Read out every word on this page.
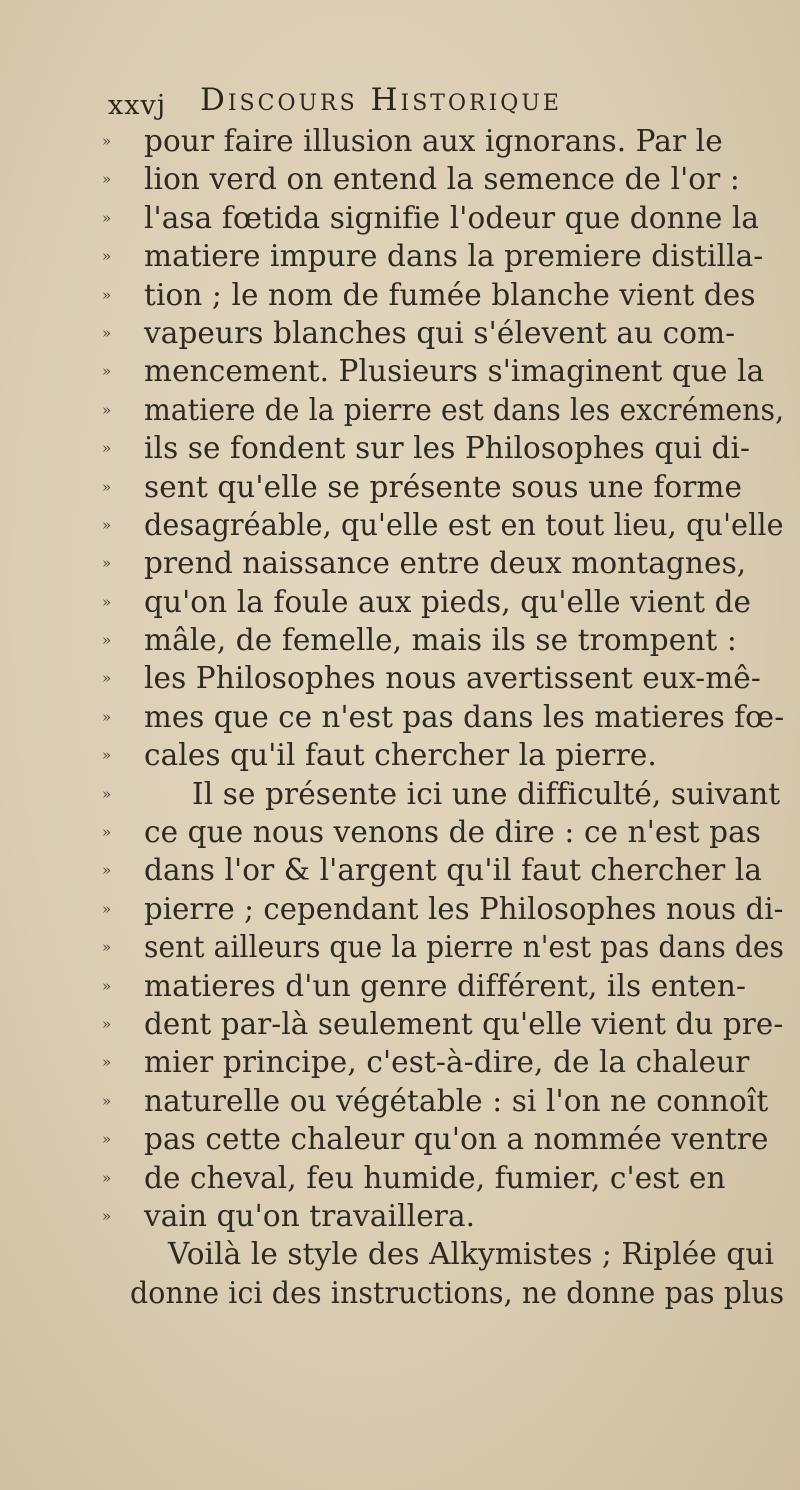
xxvj Discours Historique
» pour faire illusion aux ignorans. Par le
» lion verd on entend la semence de l'or :
» l'asa fœtida signifie l'odeur que donne la
» matiere impure dans la premiere distilla-
» tion ; le nom de fumée blanche vient des
» vapeurs blanches qui s'élevent au com-
» mencement. Plusieurs s'imaginent que la
» matiere de la pierre est dans les excrémens,
» ils se fondent sur les Philosophes qui di-
» sent qu'elle se présente sous une forme
» desagréable, qu'elle est en tout lieu, qu'elle
» prend naissance entre deux montagnes,
» qu'on la foule aux pieds, qu'elle vient de
» mâle, de femelle, mais ils se trompent :
» les Philosophes nous avertissent eux-mê-
» mes que ce n'est pas dans les matieres fœ-
» cales qu'il faut chercher la pierre.
»	Il se présente ici une difficulté, suivant
» ce que nous venons de dire : ce n'est pas
» dans l'or & l'argent qu'il faut chercher la
» pierre ; cependant les Philosophes nous di-
» sent ailleurs que la pierre n'est pas dans des
» matieres d'un genre différent, ils enten-
» dent par-là seulement qu'elle vient du pre-
» mier principe, c'est-à-dire, de la chaleur
» naturelle ou végétable : si l'on ne connoît
» pas cette chaleur qu'on a nommée ventre
» de cheval, feu humide, fumier, c'est en
» vain qu'on travaillera.
Voilà le style des Alkymistes ; Riplée qui
donne ici des instructions, ne donne pas plus
